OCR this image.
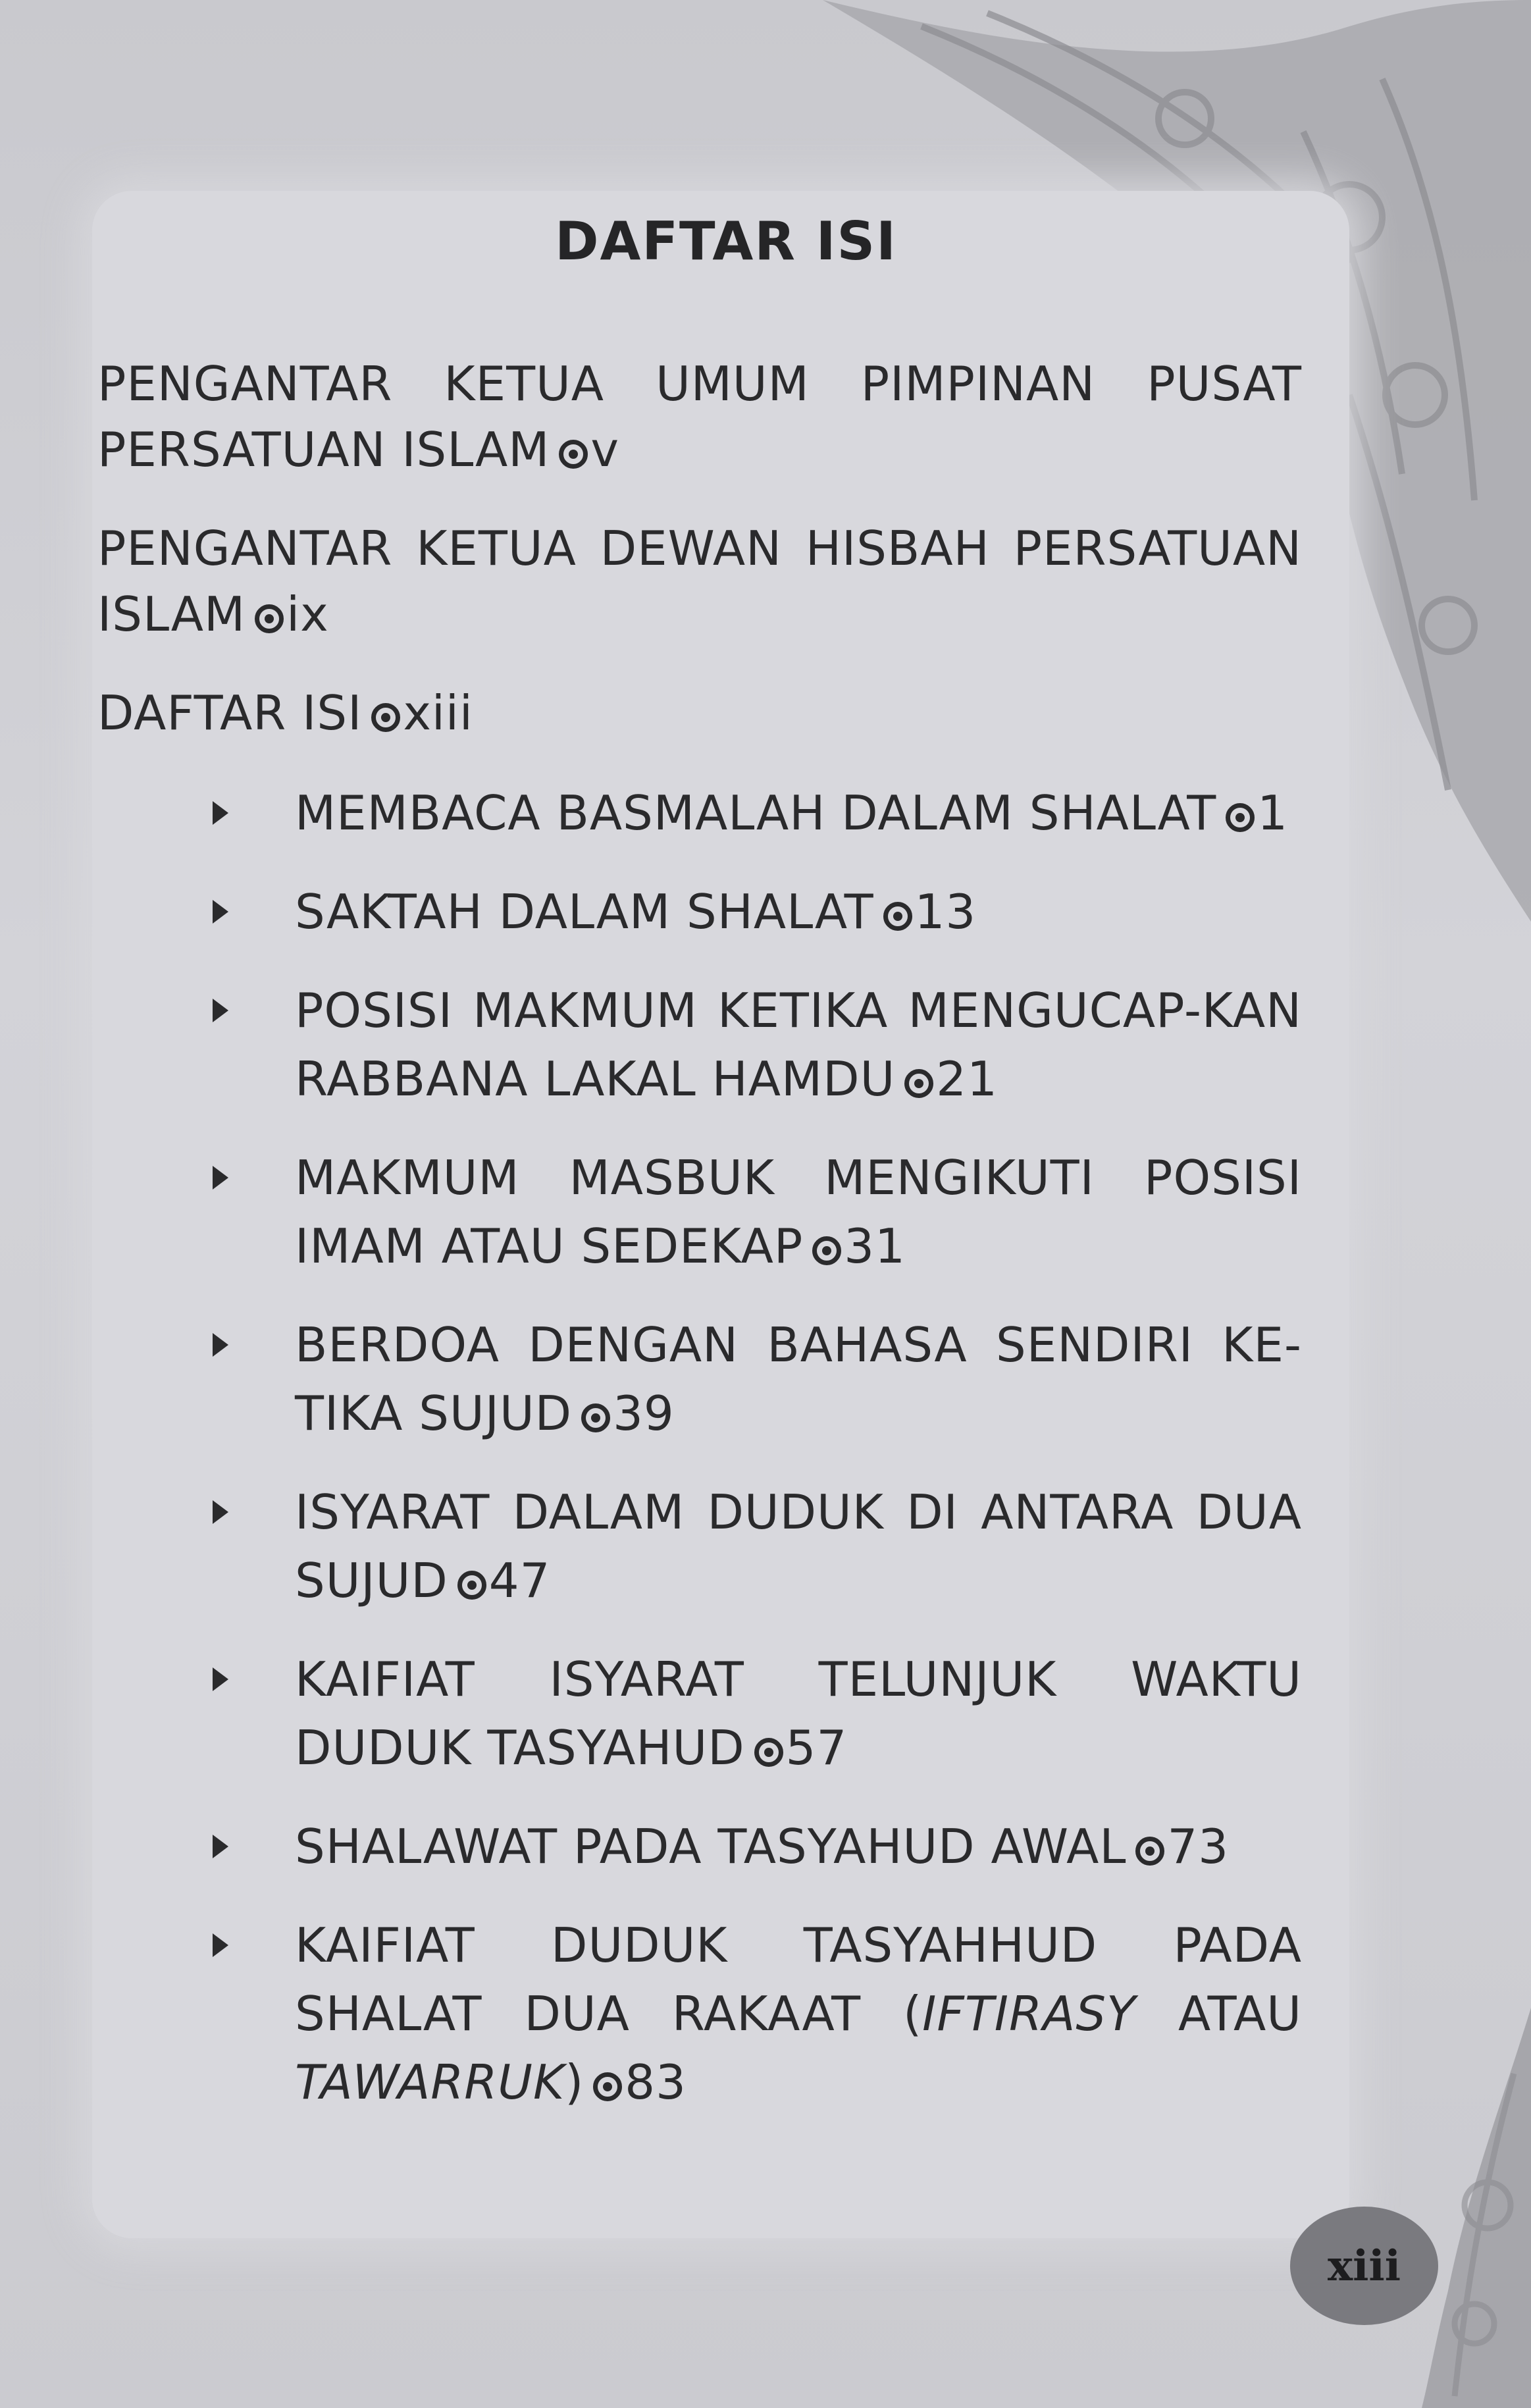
DAFTAR ISI
PENGANTAR KETUA UMUM PIMPINAN PUSAT PERSATUAN ISLAM v
PENGANTAR KETUA DEWAN HISBAH PERSATUAN ISLAM ix
DAFTAR ISI xiii
MEMBACA BASMALAH DALAM SHALAT 1
SAKTAH DALAM SHALAT 13
POSISI MAKMUM KETIKA MENGUCAP-KAN RABBANA LAKAL HAMDU 21
MAKMUM MASBUK MENGIKUTI POSISI IMAM ATAU SEDEKAP 31
BERDOA DENGAN BAHASA SENDIRI KE-TIKA SUJUD 39
ISYARAT DALAM DUDUK DI ANTARA DUA SUJUD 47
KAIFIAT ISYARAT TELUNJUK WAKTU DUDUK TASYAHUD 57
SHALAWAT PADA TASYAHUD AWAL 73
KAIFIAT DUDUK TASYAHHUD PADA SHALAT DUA RAKAAT (IFTIRASY ATAU TAWARRUK) 83
xiii
